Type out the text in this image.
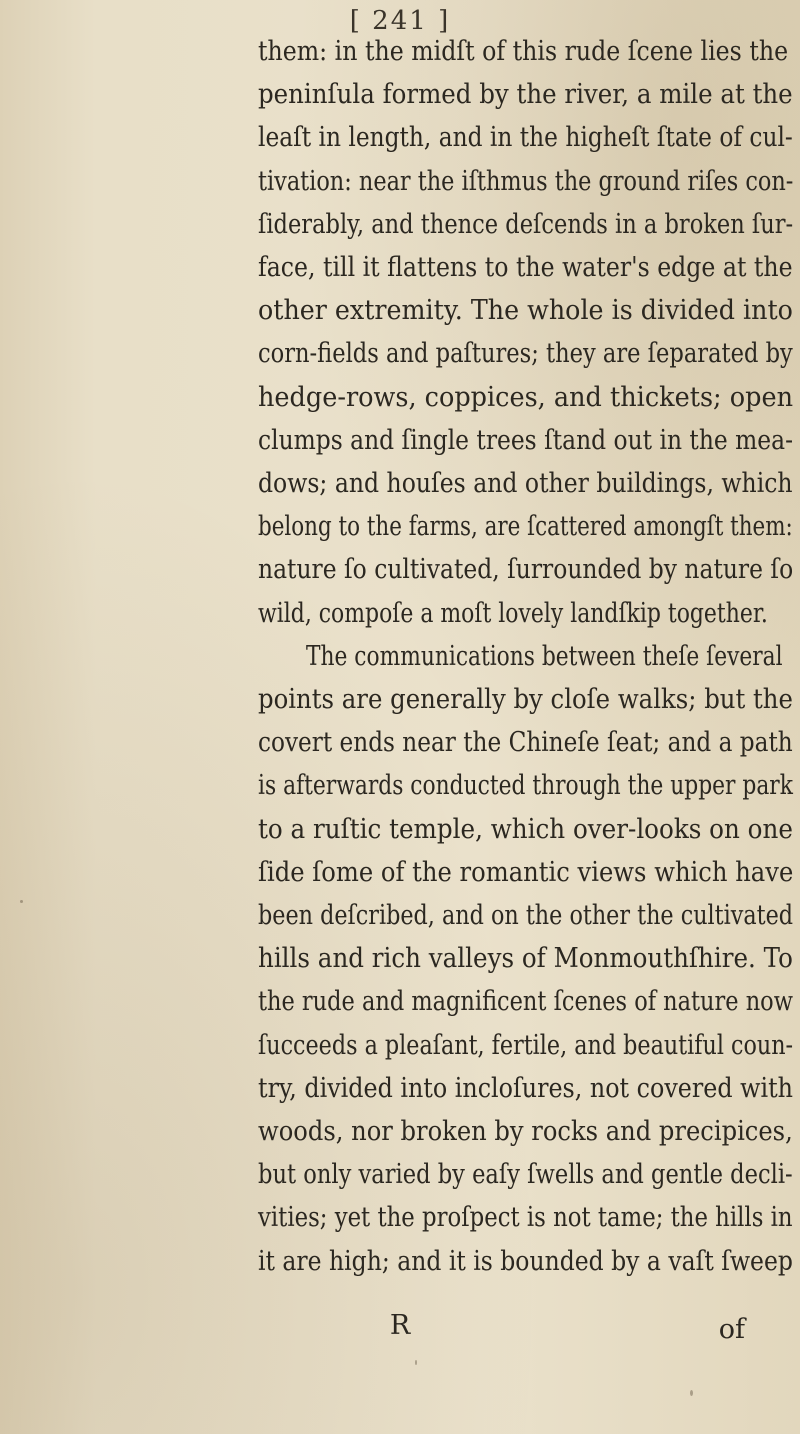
[ 241 ]
them: in the midſt of this rude ſcene lies the
peninſula formed by the river, a mile at the
leaſt in length, and in the higheſt ſtate of cul-
tivation: near the iſthmus the ground riſes con-
ſiderably, and thence deſcends in a broken ſur-
face, till it flattens to the water's edge at the
other extremity. The whole is divided into
corn-fields and paſtures; they are ſeparated by
hedge-rows, coppices, and thickets; open
clumps and ſingle trees ſtand out in the mea-
dows; and houſes and other buildings, which
belong to the farms, are ſcattered amongſt them:
nature ſo cultivated, ſurrounded by nature ſo
wild, compoſe a moſt lovely landſkip together.
The communications between theſe ſeveral
points are generally by cloſe walks; but the
covert ends near the Chineſe ſeat; and a path
is afterwards conducted through the upper park
to a ruſtic temple, which over-looks on one
ſide ſome of the romantic views which have
been deſcribed, and on the other the cultivated
hills and rich valleys of Monmouthſhire. To
the rude and magnificent ſcenes of nature now
ſucceeds a pleaſant, fertile, and beautiful coun-
try, divided into incloſures, not covered with
woods, nor broken by rocks and precipices,
but only varied by eaſy ſwells and gentle decli-
vities; yet the proſpect is not tame; the hills in
it are high; and it is bounded by a vaſt ſweep
R	of
